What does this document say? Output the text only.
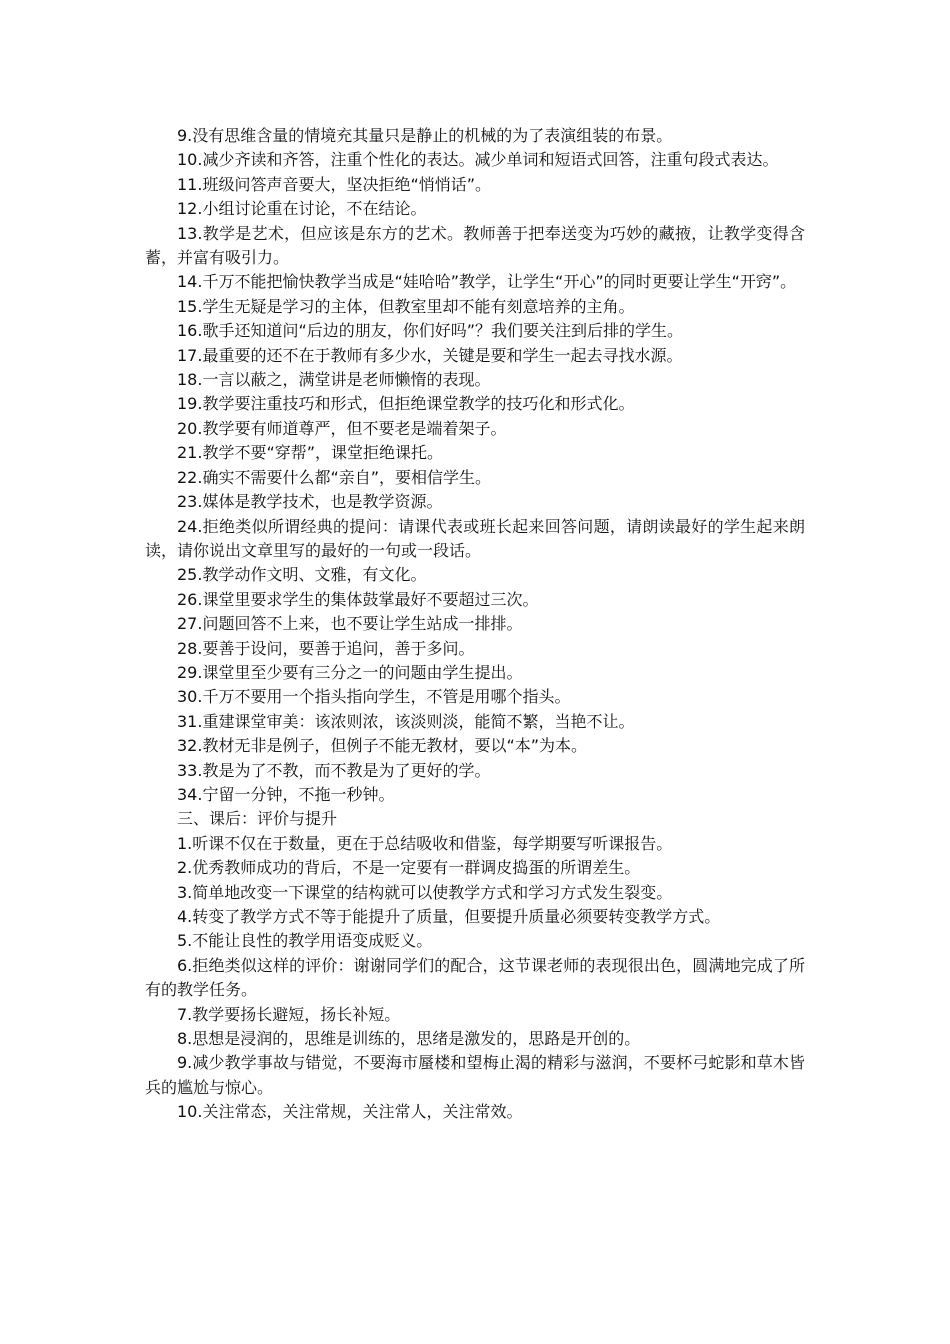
9.没有思维含量的情境充其量只是静止的机械的为了表演组装的布景。

10.减少齐读和齐答，注重个性化的表达。减少单词和短语式回答，注重句段式表达。

11.班级问答声音要大，坚决拒绝“悄悄话”。

12.小组讨论重在讨论，不在结论。

13.教学是艺术，但应该是东方的艺术。教师善于把奉送变为巧妙的藏掖，让教学变得含蓄，并富有吸引力。

14.千万不能把愉快教学当成是“娃哈哈”教学，让学生“开心”的同时更要让学生“开窍”。

15.学生无疑是学习的主体，但教室里却不能有刻意培养的主角。

16.歌手还知道问“后边的朋友，你们好吗”？我们要关注到后排的学生。

17.最重要的还不在于教师有多少水，关键是要和学生一起去寻找水源。

18.一言以蔽之，满堂讲是老师懒惰的表现。

19.教学要注重技巧和形式，但拒绝课堂教学的技巧化和形式化。

20.教学要有师道尊严，但不要老是端着架子。

21.教学不要“穿帮”，课堂拒绝课托。

22.确实不需要什么都“亲自”，要相信学生。

23.媒体是教学技术，也是教学资源。

24.拒绝类似所谓经典的提问：请课代表或班长起来回答问题，请朗读最好的学生起来朗读，请你说出文章里写的最好的一句或一段话。

25.教学动作文明、文雅，有文化。

26.课堂里要求学生的集体鼓掌最好不要超过三次。

27.问题回答不上来，也不要让学生站成一排排。

28.要善于设问，要善于追问，善于多问。

29.课堂里至少要有三分之一的问题由学生提出。

30.千万不要用一个指头指向学生，不管是用哪个指头。

31.重建课堂审美：该浓则浓，该淡则淡，能简不繁，当艳不让。

32.教材无非是例子，但例子不能无教材，要以“本”为本。

33.教是为了不教，而不教是为了更好的学。

34.宁留一分钟，不拖一秒钟。

三、课后：评价与提升

1.听课不仅在于数量，更在于总结吸收和借鉴，每学期要写听课报告。

2.优秀教师成功的背后，不是一定要有一群调皮捣蛋的所谓差生。

3.简单地改变一下课堂的结构就可以使教学方式和学习方式发生裂变。

4.转变了教学方式不等于能提升了质量，但要提升质量必须要转变教学方式。

5.不能让良性的教学用语变成贬义。

6.拒绝类似这样的评价：谢谢同学们的配合，这节课老师的表现很出色，圆满地完成了所有的教学任务。

7.教学要扬长避短，扬长补短。

8.思想是浸润的，思维是训练的，思绪是激发的，思路是开创的。

9.减少教学事故与错觉，不要海市蜃楼和望梅止渴的精彩与滋润，不要杯弓蛇影和草木皆兵的尴尬与惊心。

10.关注常态，关注常规，关注常人，关注常效。
